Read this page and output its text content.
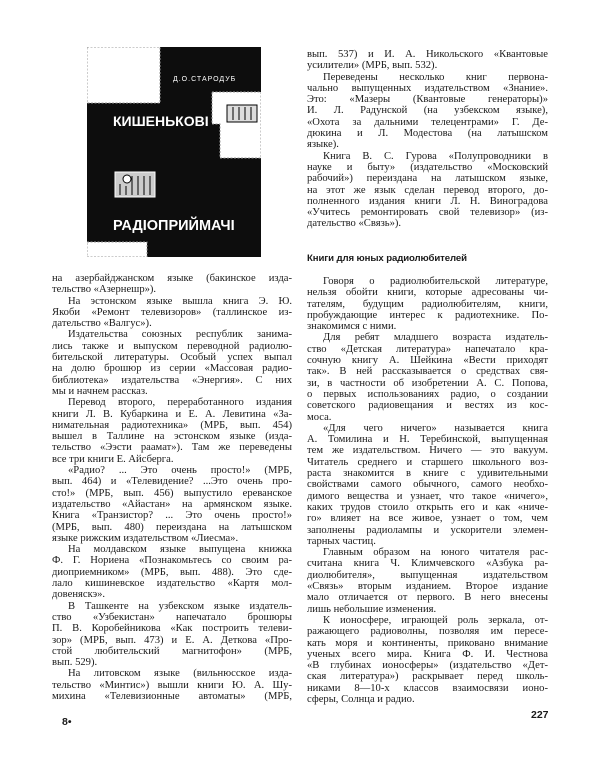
Д.О.СТАРОДУБ
КИШЕНЬКОВІ
РАДІОПРИЙМАЧІ
на азербайджанском языке (бакинское изда-
тельство «Азернешр»).
На эстонском языке вышла книга Э. Ю.
Якоби «Ремонт телевизоров» (таллинское из-
дательство «Валгус»).
Издательства союзных республик занима-
лись также и выпуском переводной радиолю-
бительской литературы. Особый успех выпал
на долю брошюр из серии «Массовая радио-
библиотека» издательства «Энергия». С них
мы и начнем рассказ.
Перевод второго, переработанного издания
книги Л. В. Кубаркина и Е. А. Левитина «За-
нимательная радиотехника» (МРБ, вып. 454)
вышел в Таллине на эстонском языке (изда-
тельство «Ээсти раамат»). Там же переведены
все три книги Е. Айсберга.
«Радио? ... Это очень просто!» (МРБ,
вып. 464) и «Телевидение? ...Это очень про-
сто!» (МРБ, вып. 456) выпустило ереванское
издательство «Айастан» на армянском языке.
Книга «Транзистор? ... Это очень просто!»
(МРБ, вып. 480) переиздана на латышском
языке рижским издательством «Лиесма».
На молдавском языке выпущена книжка
Ф. Г. Нориена «Познакомьтесь со своим ра-
диоприемником» (МРБ, вып. 488). Это сде-
лало кишиневское издательство «Картя мол-
довеняскэ».
В Ташкенте на узбекском языке издатель-
ство «Узбекистан» напечатало брошюры
П. В. Коробейникова «Как построить телеви-
зор» (МРБ, вып. 473) и Е. А. Деткова «Про-
стой любительский магнитофон» (МРБ,
вып. 529).
На литовском языке (вильнюсское изда-
тельство «Минтис») вышли книги Ю. А. Шу-
михина «Телевизионные автоматы» (МРБ,
вып. 537) и И. А. Никольского «Квантовые
усилители» (МРБ, вып. 532).
Переведены несколько книг первона-
чально выпущенных издательством «Знание».
Это: «Мазеры (Квантовые генераторы)»
И. Л. Радунской (на узбекском языке),
«Охота за дальними телецентрами» Г. Де-
дюкина и Л. Модестова (на латышском
языке).
Книга В. С. Гурова «Полупроводники в
науке и быту» (издательство «Московский
рабочий») переиздана на латышском языке,
на этот же язык сделан перевод второго, до-
полненного издания книги Л. Н. Виноградова
«Учитесь ремонтировать свой телевизор» (из-
дательство «Связь»).
Книги для юных радиолюбителей
Говоря о радиолюбительской литературе,
нельзя обойти книги, которые адресованы чи-
тателям, будущим радиолюбителям, книги,
пробуждающие интерес к радиотехнике. По-
знакомимся с ними.
Для ребят младшего возраста издатель-
ство «Детская литература» напечатало кра-
сочную книгу А. Шейкина «Вести приходят
так». В ней рассказывается о средствах свя-
зи, в частности об изобретении А. С. Попова,
о первых использованиях радио, о создании
советского радиовещания и вестях из кос-
моса.
«Для чего ничего» называется книга
А. Томилина и Н. Теребинской, выпущенная
тем же издательством. Ничего — это вакуум.
Читатель среднего и старшего школьного воз-
раста знакомится в книге с удивительными
свойствами самого обычного, самого необхо-
димого вещества и узнает, что такое «ничего»,
каких трудов стоило открыть его и как «ниче-
го» влияет на все живое, узнает о том, чем
заполнены радиолампы и ускорители элемен-
тарных частиц.
Главным образом на юного читателя рас-
считана книга Ч. Климчевского «Азбука ра-
диолюбителя», выпущенная издательством
«Связь» вторым изданием. Второе издание
мало отличается от первого. В него внесены
лишь небольшие изменения.
К ионосфере, играющей роль зеркала, от-
ражающего радиоволны, позволяя им пересе-
кать моря и континенты, приковано внимание
ученых всего мира. Книга Ф. И. Честнова
«В глубинах ионосферы» (издательство «Дет-
ская литература») раскрывает перед школь-
никами 8—10-х классов взаимосвязи ионо-
сферы, Солнца и радио.
8•
227
